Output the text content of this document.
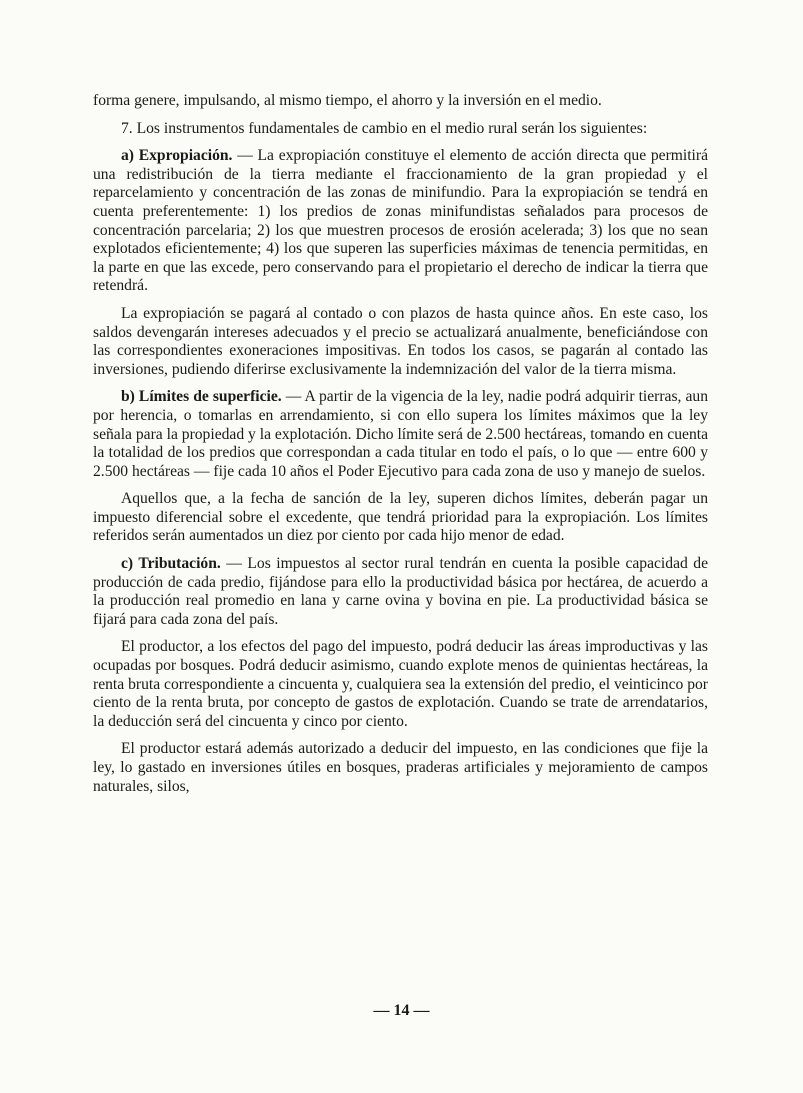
forma genere, impulsando, al mismo tiempo, el ahorro y la inversión en el medio.

7. Los instrumentos fundamentales de cambio en el medio rural serán los siguientes:

a) Expropiación. — La expropiación constituye el elemento de acción directa que permitirá una redistribución de la tierra mediante el fraccionamiento de la gran propiedad y el reparcelamiento y concentración de las zonas de minifundio. Para la expropiación se tendrá en cuenta preferentemente: 1) los predios de zonas minifundistas señalados para procesos de concentración parcelaria; 2) los que muestren procesos de erosión acelerada; 3) los que no sean explotados eficientemente; 4) los que superen las superficies máximas de tenencia permitidas, en la parte en que las excede, pero conservando para el propietario el derecho de indicar la tierra que retendrá.

La expropiación se pagará al contado o con plazos de hasta quince años. En este caso, los saldos devengarán intereses adecuados y el precio se actualizará anualmente, beneficiándose con las correspondientes exoneraciones impositivas. En todos los casos, se pagarán al contado las inversiones, pudiendo diferirse exclusivamente la indemnización del valor de la tierra misma.

b) Límites de superficie. — A partir de la vigencia de la ley, nadie podrá adquirir tierras, aun por herencia, o tomarlas en arrendamiento, si con ello supera los límites máximos que la ley señala para la propiedad y la explotación. Dicho límite será de 2.500 hectáreas, tomando en cuenta la totalidad de los predios que correspondan a cada titular en todo el país, o lo que — entre 600 y 2.500 hectáreas — fije cada 10 años el Poder Ejecutivo para cada zona de uso y manejo de suelos.

Aquellos que, a la fecha de sanción de la ley, superen dichos límites, deberán pagar un impuesto diferencial sobre el excedente, que tendrá prioridad para la expropiación. Los límites referidos serán aumentados un diez por ciento por cada hijo menor de edad.

c) Tributación. — Los impuestos al sector rural tendrán en cuenta la posible capacidad de producción de cada predio, fijándose para ello la productividad básica por hectárea, de acuerdo a la producción real promedio en lana y carne ovina y bovina en pie. La productividad básica se fijará para cada zona del país.

El productor, a los efectos del pago del impuesto, podrá deducir las áreas improductivas y las ocupadas por bosques. Podrá deducir asimismo, cuando explote menos de quinientas hectáreas, la renta bruta correspondiente a cincuenta y, cualquiera sea la extensión del predio, el veinticinco por ciento de la renta bruta, por concepto de gastos de explotación. Cuando se trate de arrendatarios, la deducción será del cincuenta y cinco por ciento.

El productor estará además autorizado a deducir del impuesto, en las condiciones que fije la ley, lo gastado en inversiones útiles en bosques, praderas artificiales y mejoramiento de campos naturales, silos,

— 14 —
